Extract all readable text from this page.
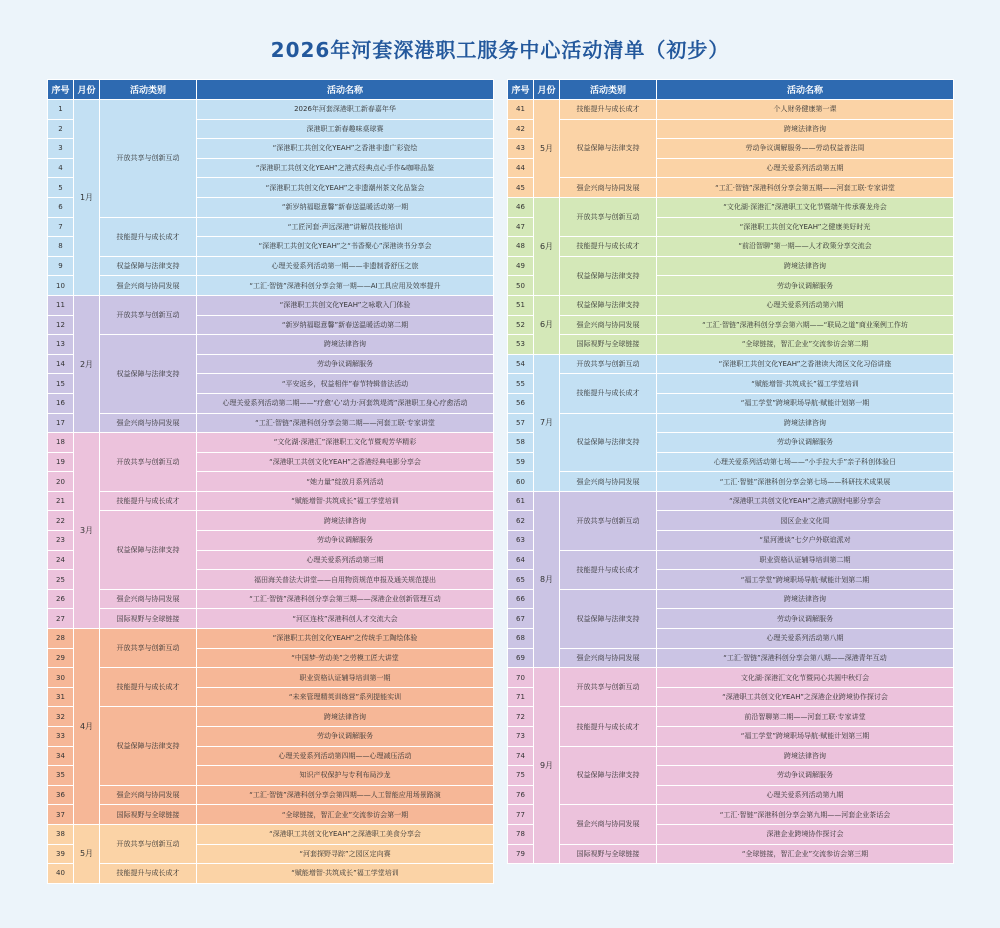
2026年河套深港职工服务中心活动清单（初步）
序号	月份	活动类别	活动名称
1	1月	开放共享与创新互动	2026年河套深港职工新春嘉年华
2			深港职工新春趣味桌球赛
3			“深港职工共创文化YEAH”之香港非遗广彩瓷绘
4			“深港职工共创文化YEAH”之港式经典点心手作&咖啡品鉴
5			“深港职工共创文化YEAH”之非遗潮州茶文化品鉴会
6			“新岁纳福聪意馨”新春送温暖活动第一期
7		技能提升与成长成才	“工匠河套·声远深港”讲解员技能培训
8			“深港职工共创文化YEAH”之“书香聚心”深港读书分享会
9		权益保障与法律支持	心理关爱系列活动第一期——非遗制香舒压之旅
10		强企兴商与协同发展	“工汇·智链”深港科创分享会第一期——AI工具应用及效率提升
11	2月	开放共享与创新互动	“深港职工共创文化YEAH”之咏歌入门体验
12			“新岁纳福聪意馨”新春送温暖活动第二期
13		权益保障与法律支持	跨境法律咨询
14			劳动争议调解服务
15			“平安返乡，权益相伴”春节特辑普法活动
16			心理关爱系列活动第二期——“疗愈‘心’动力·河套筑堤湾”深港职工身心疗愈活动
17		强企兴商与协同发展	“工汇·智链”深港科创分享会第二期——河套工联·专家讲堂
18	3月	开放共享与创新互动	“文化湖·深港汇”深港职工文化节暨观芳华精彩
19			“深港职工共创文化YEAH”之香港经典电影分享会
20			“她力量”绽放月系列活动
21		技能提升与成长成才	“赋能增智·共筑成长”福工学堂培训
22		权益保障与法律支持	跨境法律咨询
23			劳动争议调解服务
24			心理关爱系列活动第三期
25			福田海关普法大讲堂——自用物资规范申报及通关规范提出
26		强企兴商与协同发展	“工汇·智链”深港科创分享会第三期——深港企业创新管理互动
27		国际视野与全球链接	“河区连枝”深港科创人才交流大会
28	4月	开放共享与创新互动	“深港职工共创文化YEAH”之传统手工陶绘体验
29			“中国梦·劳动美”之劳模工匠大讲堂
30		技能提升与成长成才	职业资格认证辅导培训第一期
31			“未来管理精英训练营”系列提能实训
32		权益保障与法律支持	跨境法律咨询
33			劳动争议调解服务
34			心理关爱系列活动第四期——心理减压活动
35			知识产权保护与专利布局沙龙
36		强企兴商与协同发展	“工汇·智链”深港科创分享会第四期——人工智能应用场景路演
37		国际视野与全球链接	“全球链接，智汇企业”交流参访会第一期
38	5月	开放共享与创新互动	“深港职工共创文化YEAH”之深港职工美食分享会
39			“河套探野寻踪”之园区定向赛
40		技能提升与成长成才	“赋能增智·共筑成长”福工学堂培训
序号	月份	活动类别	活动名称
41	5月	技能提升与成长成才	个人财务健康第一课
42		权益保障与法律支持	跨境法律咨询
43			劳动争议调解服务——劳动权益普法周
44			心理关爱系列活动第五期
45		强企兴商与协同发展	“工汇·智链”深港科创分享会第五期——河套工联·专家讲堂
46	6月	开放共享与创新互动	“文化湖·深港汇”深港职工文化节暨端午传承赛龙舟会
47			“深港职工共创文化YEAH”之健康美好时光
48		技能提升与成长成才	“前沿智聊”第一期——人才政策分享交流会
49		权益保障与法律支持	跨境法律咨询
50			劳动争议调解服务
51	6月	权益保障与法律支持	心理关爱系列活动第六期
52		强企兴商与协同发展	“工汇·智链”深港科创分享会第六期——“联局之道”商业案例工作坊
53		国际视野与全球链接	“全球链接，智汇企业”交流参访会第二期
54	7月	开放共享与创新互动	“深港职工共创文化YEAH”之香港读大湾区文化习俗讲座
55		技能提升与成长成才	“赋能增智·共筑成长”福工学堂培训
56			“福工学堂”跨境职场导航·赋能计划第一期
57		权益保障与法律支持	跨境法律咨询
58			劳动争议调解服务
59			心理关爱系列活动第七场——“小手拉大手”亲子科创体验日
60		强企兴商与协同发展	“工汇·智链”深港科创分享会第七场——科研技术成果展
61	8月	开放共享与创新互动	“深港职工共创文化YEAH”之港式剧财电影分享会
62			园区企业文化周
63			“星河漫谈”七夕户外联谊派对
64		技能提升与成长成才	职业资格认证辅导培训第二期
65			“福工学堂”跨境职场导航·赋能计划第二期
66		权益保障与法律支持	跨境法律咨询
67			劳动争议调解服务
68			心理关爱系列活动第八期
69		强企兴商与协同发展	“工汇·智链”深港科创分享会第八期——深港青年互动
70	9月	开放共享与创新互动	文化湖·深港汇文化节暨同心共圆中秋灯会
71			“深港职工共创文化YEAH”之深港企业跨境协作探讨会
72		技能提升与成长成才	前沿智聊第二期——河套工联·专家讲堂
73			“福工学堂”跨境职场导航·赋能计划第三期
74		权益保障与法律支持	跨境法律咨询
75			劳动争议调解服务
76			心理关爱系列活动第九期
77		强企兴商与协同发展	“工汇·智链”深港科创分享会第九期——河套企业茶话会
78			深港企业跨境协作探讨会
79		国际视野与全球链接	“全球链接，智汇企业”交流参访会第三期
